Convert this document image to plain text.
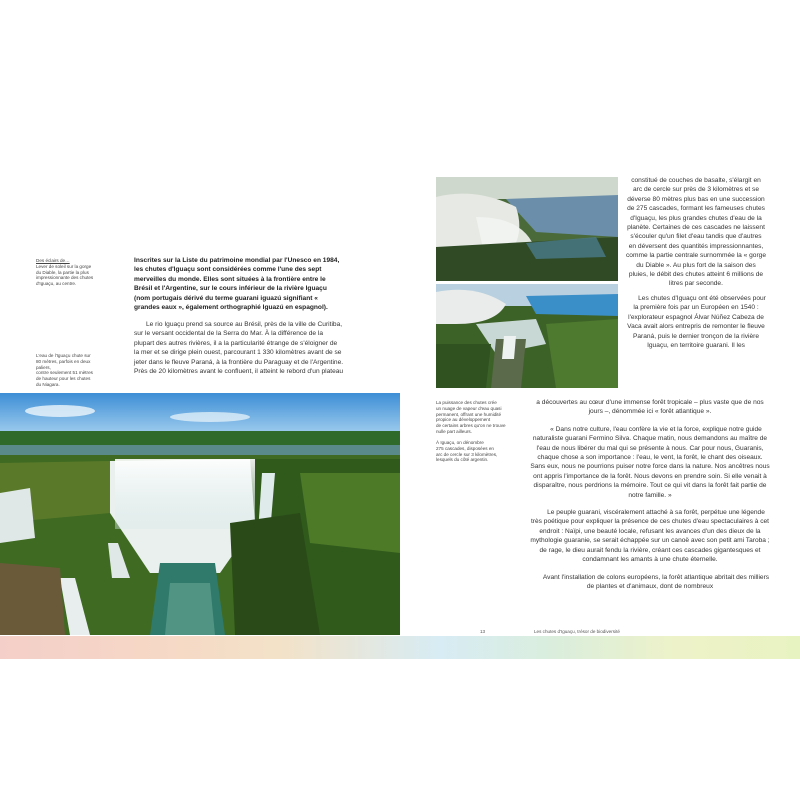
Des éclairs de…
Lever de soleil sur la gorge
du Diable, la partie la plus
impressionnante des chutes
d'Iguaçu, au centre.
L'eau de l'Iguaçu chute sur
80 mètres, parfois en deux paliers,
contre seulement 51 mètres
de hauteur pour les chutes
du Niagara.
Inscrites sur la Liste du patrimoine mondial par l'Unesco en 1984, les chutes d'Iguaçu sont considérées comme l'une des sept merveilles du monde. Elles sont situées à la frontière entre le Brésil et l'Argentine, sur le cours inférieur de la rivière Iguaçu (nom portugais dérivé du terme guarani iguazú signifiant « grandes eaux », également orthographié Iguazú en espagnol).

Le rio Iguaçu prend sa source au Brésil, près de la ville de Curitiba, sur le versant occidental de la Serra do Mar. À la différence de la plupart des autres rivières, il a la particularité étrange de s'éloigner de la mer et se dirige plein ouest, parcourant 1 330 kilomètres avant de se jeter dans le fleuve Paraná, à la frontière du Paraguay et de l'Argentine. Près de 20 kilomètres avant le confluent, il atteint le rebord d'un plateau

constitué de couches de basalte, s'élargit en arc de cercle sur près de 3 kilomètres et se déverse 80 mètres plus bas en une succession de 275 cascades, formant les fameuses chutes d'Iguaçu, les plus grandes chutes d'eau de la planète. Certaines de ces cascades ne laissent s'écouler qu'un filet d'eau tandis que d'autres en déversent des quantités impressionnantes, comme la partie centrale surnommée la « gorge du Diable ». Au plus fort de la saison des pluies, le débit des chutes atteint 6 millions de litres par seconde.

Les chutes d'Iguaçu ont été observées pour la première fois par un Européen en 1540 : l'explorateur espagnol Álvar Núñez Cabeza de Vaca avait alors entrepris de remonter le fleuve Paraná, puis le dernier tronçon de la rivière Iguaçu, en territoire guarani. Il les

La puissance des chutes crée
un nuage de vapeur d'eau quasi
permanent, offrant une humidité
propice au développement
de certains arbres qu'on ne trouve
nulle part ailleurs.
À Iguaçu, on dénombre
275 cascades, disposées en
arc de cercle sur 3 kilomètres,
lesquels du côté argentin.

a découvertes au cœur d'une immense forêt tropicale – plus vaste que de nos jours –, dénommée ici « forêt atlantique ».

« Dans notre culture, l'eau confère la vie et la force, explique notre guide naturaliste guarani Fermino Silva. Chaque matin, nous demandons au maître de l'eau de nous libérer du mal qui se présente à nous. Car pour nous, Guaranis, chaque chose a son importance : l'eau, le vent, la forêt, le chant des oiseaux. Sans eux, nous ne pourrions puiser notre force dans la nature. Nos ancêtres nous ont appris l'importance de la forêt. Nous devons en prendre soin. Si elle venait à disparaître, nous perdrions la mémoire. Tout ce qui vit dans la forêt fait partie de notre famille. »

Le peuple guarani, viscéralement attaché à sa forêt, perpétue une légende très poétique pour expliquer la présence de ces chutes d'eau spectaculaires à cet endroit : Naïpi, une beauté locale, refusant les avances d'un des dieux de la mythologie guaranie, se serait échappée sur un canoë avec son petit ami Taroba ; de rage, le dieu aurait fendu la rivière, créant ces cascades gigantesques et condamnant les amants à une chute éternelle.

Avant l'installation de colons européens, la forêt atlantique abritait des milliers de plantes et d'animaux, dont de nombreux

13	Les chutes d'Iguaçu, trésor de biodiversité
